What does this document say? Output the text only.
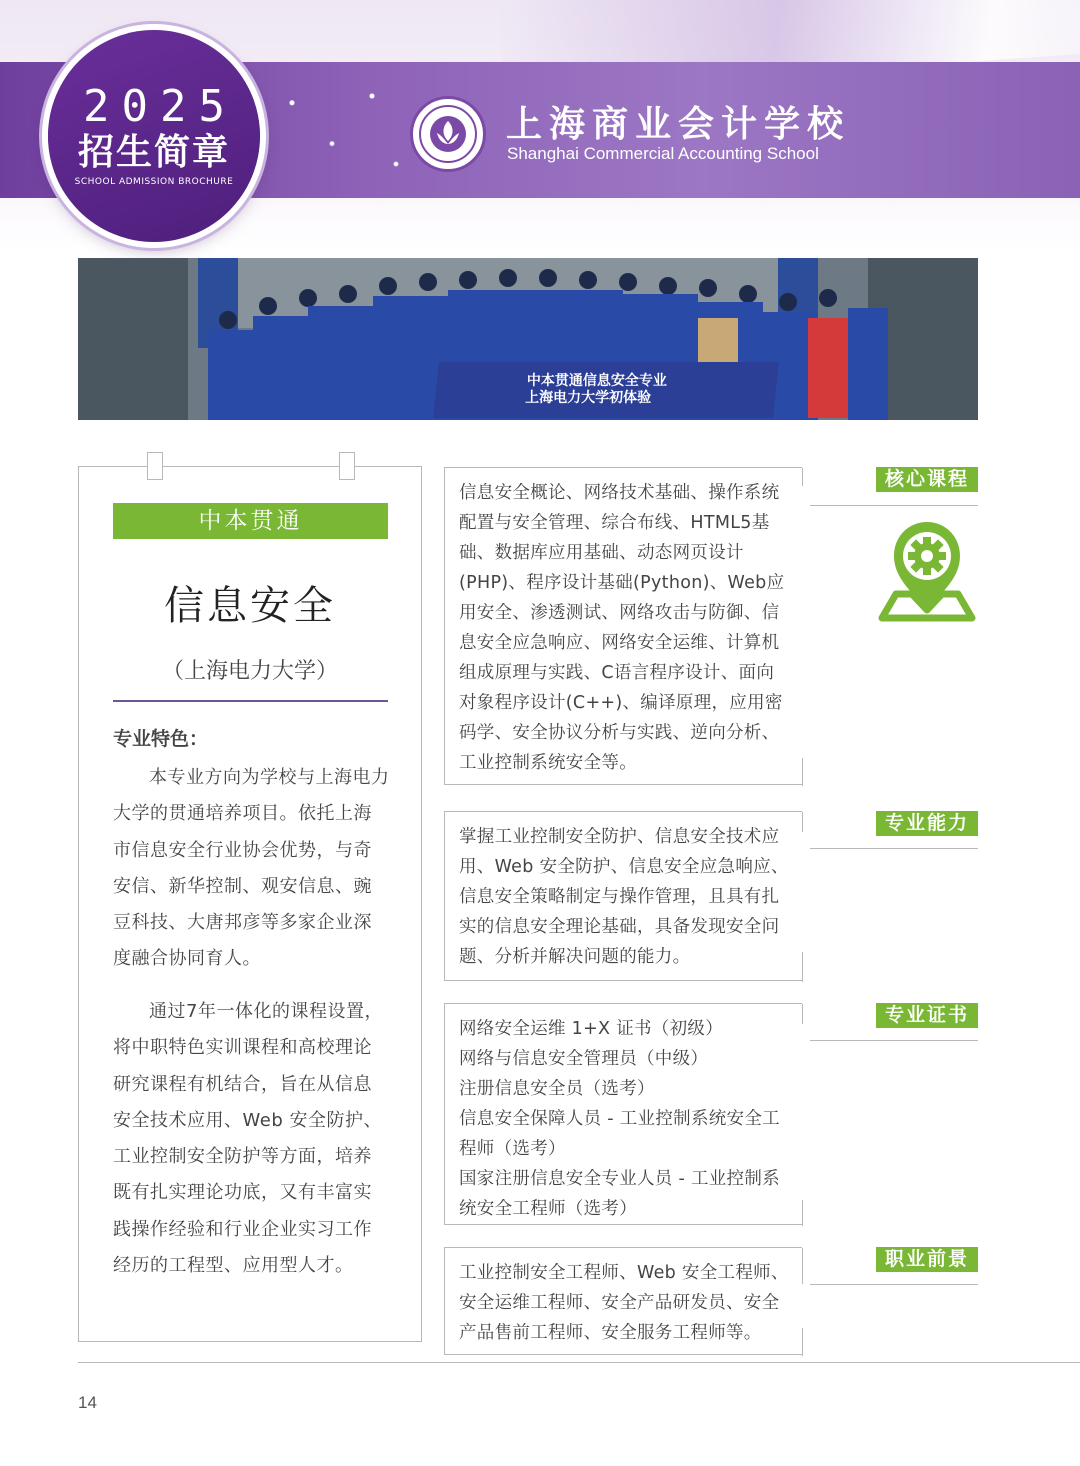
2025
招生简章
SCHOOL ADMISSION BROCHURE
上海商业会计学校
Shanghai Commercial Accounting School
中本贯通信息安全专业
上海电力大学初体验
中本贯通
信息安全
（上海电力大学）
专业特色：
本专业方向为学校与上海电力大学的贯通培养项目。依托上海市信息安全行业协会优势，与奇安信、新华控制、观安信息、豌豆科技、大唐邦彦等多家企业深度融合协同育人。
通过7年一体化的课程设置，将中职特色实训课程和高校理论研究课程有机结合，旨在从信息安全技术应用、Web 安全防护、工业控制安全防护等方面，培养既有扎实理论功底，又有丰富实践操作经验和行业企业实习工作经历的工程型、应用型人才。
信息安全概论、网络技术基础、操作系统配置与安全管理、综合布线、HTML5基础、数据库应用基础、动态网页设计(PHP)、程序设计基础(Python)、Web应用安全、渗透测试、网络攻击与防御、信息安全应急响应、网络安全运维、计算机组成原理与实践、C语言程序设计、面向对象程序设计(C++)、编译原理，应用密码学、安全协议分析与实践、逆向分析、工业控制系统安全等。
核心课程
掌握工业控制安全防护、信息安全技术应用、Web 安全防护、信息安全应急响应、信息安全策略制定与操作管理，且具有扎实的信息安全理论基础，具备发现安全问题、分析并解决问题的能力。
专业能力

网络安全运维 1+X 证书（初级）

网络与信息安全管理员（中级）

注册信息安全员（选考）

信息安全保障人员 - 工业控制系统安全工程师（选考）

国家注册信息安全专业人员 - 工业控制系统安全工程师（选考）

专业证书
工业控制安全工程师、Web 安全工程师、安全运维工程师、安全产品研发员、安全产品售前工程师、安全服务工程师等。
职业前景
14
